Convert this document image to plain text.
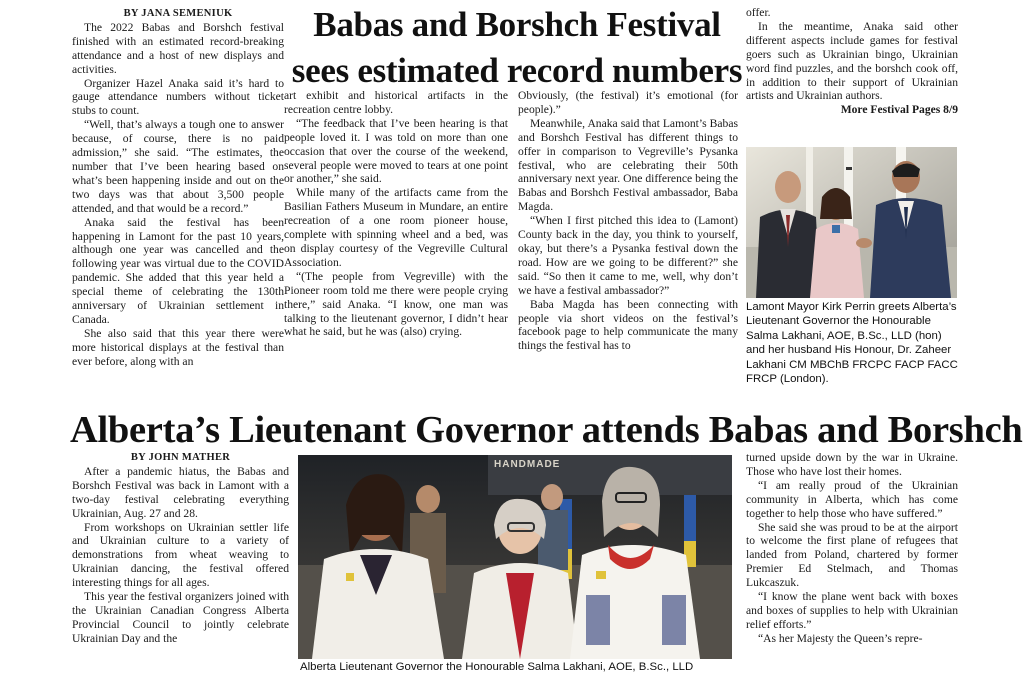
BY JANA SEMENIUK

The 2022 Babas and Borshch festival finished with an estimated record-breaking attendance and a host of new displays and activities.

Organizer Hazel Anaka said it’s hard to gauge attendance numbers without ticket stubs to count.

“Well, that’s always a tough one to answer because, of course, there is no paid admission,” she said. “The estimates, the number that I’ve been hearing based on what’s been happening inside and out on the two days was that about 3,500 people attended, and that would be a record.”

Anaka said the festival has been happening in Lamont for the past 10 years, although one year was cancelled and the following year was virtual due to the COVID pandemic. She added that this year held a special theme of celebrating the 130th anniversary of Ukrainian settlement in Canada.

She also said that this year there were more historical displays at the festival than ever before, along with an

Babas and Borshch Festival
sees estimated record numbers

art exhibit and historical artifacts in the recreation centre lobby.

“The feedback that I’ve been hearing is that people loved it. I was told on more than one occasion that over the course of the weekend, several people were moved to tears at one point or another,” she said.

While many of the artifacts came from the Basilian Fathers Museum in Mundare, an entire recreation of a one room pioneer house, complete with spinning wheel and a bed, was on display courtesy of the Vegreville Cultural Association.

“(The people from Vegreville) with the Pioneer room told me there were people crying there,” said Anaka. “I know, one man was talking to the lieutenant governor, I didn’t hear what he said, but he was (also) crying.

Obviously, (the festival) it’s emotional (for people).”

Meanwhile, Anaka said that Lamont’s Babas and Borshch Festival has different things to offer in comparison to Vegreville’s Pysanka festival, who are celebrating their 50th anniversary next year. One difference being the Babas and Borshch Festival ambassador, Baba Magda.

“When I first pitched this idea to (Lamont) County back in the day, you think to yourself, okay, but there’s a Pysanka festival down the road. How are we going to be different?” she said. “So then it came to me, well, why don’t we have a festival ambassador?”

Baba Magda has been connecting with people via short videos on the festival’s facebook page to help communicate the many things the festival has to

offer.

In the meantime, Anaka said other different aspects include games for festival goers such as Ukrainian bingo, Ukrainian word find puzzles, and the borshch cook off, in addition to their support of Ukrainian artists and Ukrainian authors.

More Festival Pages 8/9

Lamont Mayor Kirk Perrin greets Alberta’s Lieutenant Governor the Honourable Salma Lakhani, AOE, B.Sc., LLD (hon) and her husband His Honour, Dr. Zaheer Lakhani CM MBChB FRCPC FACP FACC FRCP (London).
Alberta’s Lieutenant Governor attends Babas and Borshch

BY JOHN MATHER

After a pandemic hiatus, the Babas and Borshch Festival was back in Lamont with a two-day festival celebrating everything Ukrainian, Aug. 27 and 28.

From workshops on Ukrainian settler life and Ukrainian culture to a variety of demonstrations from wheat weaving to Ukrainian dancing, the festival offered interesting things for all ages.

This year the festival organizers joined with the Ukrainian Canadian Congress Alberta Provincial Council to jointly celebrate Ukrainian Day and the

HANDMADE
Alberta Lieutenant Governor the Honourable Salma Lakhani, AOE, B.Sc., LLD

turned upside down by the war in Ukraine. Those who have lost their homes.

“I am really proud of the Ukrainian community in Alberta, which has come together to help those who have suffered.”

She said she was proud to be at the airport to welcome the first plane of refugees that landed from Poland, chartered by former Premier Ed Stelmach, and Thomas Lukcaszuk.

“I know the plane went back with boxes and boxes of supplies to help with Ukrainian relief efforts.”

“As her Majesty the Queen’s repre-
